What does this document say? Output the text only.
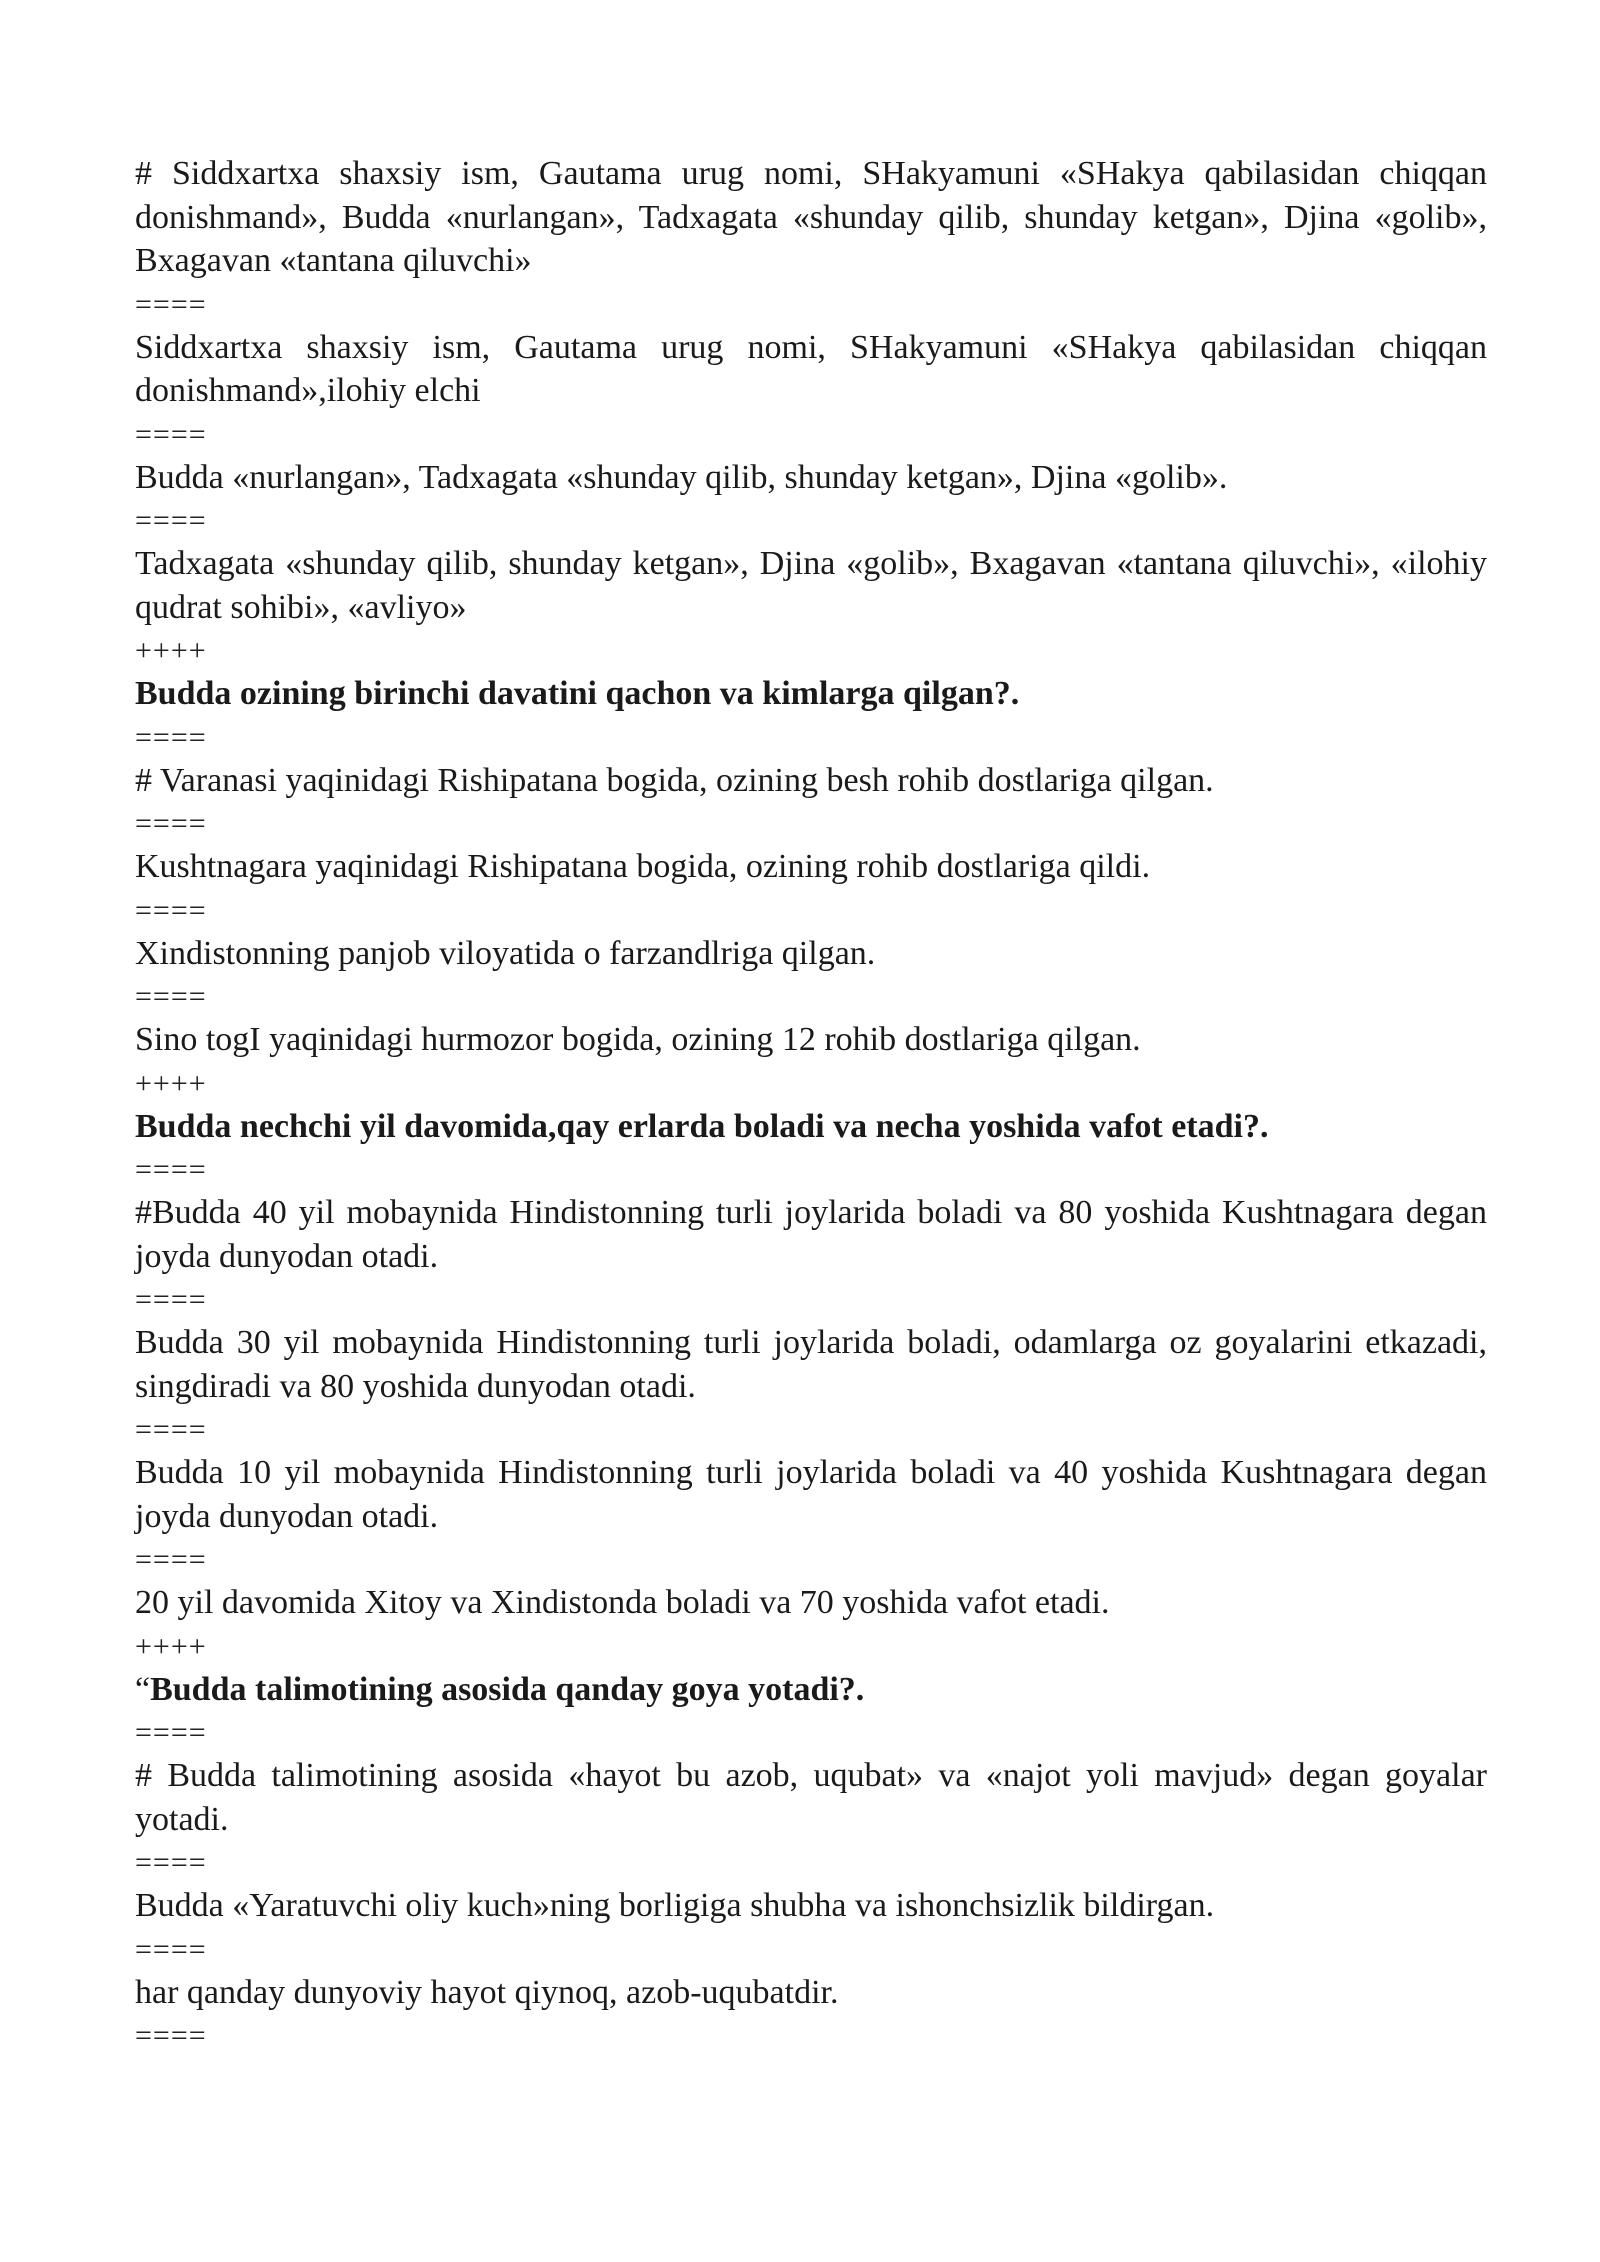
# Siddxartxa shaxsiy ism, Gautama urug nomi, SHakyamuni «SHakya qabilasidan chiqqan donishmand», Budda «nurlangan», Tadxagata «shunday qilib, shunday ketgan», Djina «golib», Bxagavan «tantana qiluvchi»

====

Siddxartxa shaxsiy ism, Gautama urug nomi, SHakyamuni «SHakya qabilasidan chiqqan donishmand»,ilohiy elchi

====

Budda «nurlangan», Tadxagata «shunday qilib, shunday ketgan», Djina «golib».

====

Tadxagata «shunday qilib, shunday ketgan», Djina «golib», Bxagavan «tantana qiluvchi», «ilohiy qudrat sohibi», «avliyo»

++++

Budda ozining birinchi davatini qachon va kimlarga qilgan?.

====

# Varanasi yaqinidagi Rishipatana bogida, ozining besh rohib dostlariga qilgan.

====

Kushtnagara yaqinidagi Rishipatana bogida, ozining rohib dostlariga qildi.

====

Xindistonning panjob viloyatida o farzandlriga qilgan.

====

Sino togI yaqinidagi hurmozor bogida, ozining 12 rohib dostlariga qilgan.

++++

Budda nechchi yil davomida,qay erlarda boladi va necha yoshida vafot etadi?.

====

#Budda 40 yil mobaynida Hindistonning turli joylarida boladi va 80 yoshida Kushtnagara degan joyda dunyodan otadi.

====

Budda 30 yil mobaynida Hindistonning turli joylarida boladi, odamlarga oz goyalarini etkazadi, singdiradi va 80 yoshida dunyodan otadi.

====

Budda 10 yil mobaynida Hindistonning turli joylarida boladi va 40 yoshida Kushtnagara degan joyda dunyodan otadi.

====

20 yil davomida Xitoy va Xindistonda boladi va 70 yoshida vafot etadi.

++++

“Budda talimotining asosida qanday goya yotadi?.

====

# Budda talimotining asosida «hayot bu azob, uqubat» va «najot yoli mavjud» degan goyalar yotadi.

====

Budda «Yaratuvchi oliy kuch»ning borligiga shubha va ishonchsizlik bildirgan.

====

har qanday dunyoviy hayot qiynoq, azob-uqubatdir.

====
